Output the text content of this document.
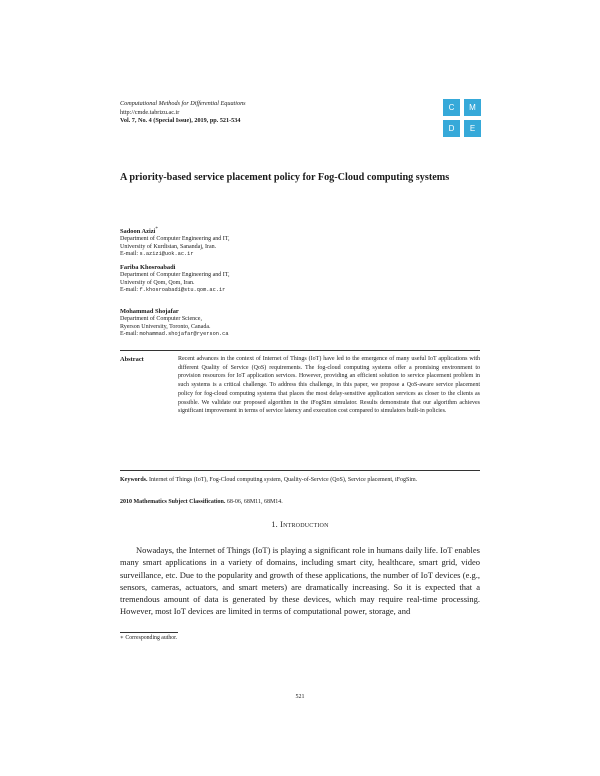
Computational Methods for Differential Equations
http://cmde.tabrizu.ac.ir
Vol. 7, No. 4 (Special Issue), 2019, pp. 521-534
C	M
D	E
A priority-based service placement policy for Fog-Cloud computing systems
Sadoon Azizi*
Department of Computer Engineering and IT,
University of Kurdistan, Sanandaj, Iran.
E-mail: s.azizi@uok.ac.ir
Fariba Khosroabadi
Department of Computer Engineering and IT,
University of Qom, Qom, Iran.
E-mail: f.khosroabadi@stu.qom.ac.ir
Mohammad Shojafar
Department of Computer Science,
Ryerson University, Toronto, Canada.
E-mail: mohammad.shojafar@ryerson.ca
Abstract	Recent advances in the context of Internet of Things (IoT) have led to the emergence of many useful IoT applications with different Quality of Service (QoS) requirements. The fog-cloud computing systems offer a promising environment to provision resources for IoT application services. However, providing an efficient solution to service placement problem in such systems is a critical challenge. To address this challenge, in this paper, we propose a QoS-aware service placement policy for fog-cloud computing systems that places the most delay-sensitive application services as closer to the clients as possible. We validate our proposed algorithm in the iFogSim simulator. Results demonstrate that our algorithm achieves significant improvement in terms of service latency and execution cost compared to simulators built-in policies.
Keywords. Internet of Things (IoT), Fog-Cloud computing system, Quality-of-Service (QoS), Service placement, iFogSim.
2010 Mathematics Subject Classification. 68-06, 68M11, 68M14.
1. Introduction
Nowadays, the Internet of Things (IoT) is playing a significant role in humans daily life. IoT enables many smart applications in a variety of domains, including smart city, healthcare, smart grid, video surveillance, etc. Due to the popularity and growth of these applications, the number of IoT devices (e.g., sensors, cameras, actuators, and smart meters) are dramatically increasing. So it is expected that a tremendous amount of data is generated by these devices, which may require real-time processing. However, most IoT devices are limited in terms of computational power, storage, and
∗ Corresponding author.
521
